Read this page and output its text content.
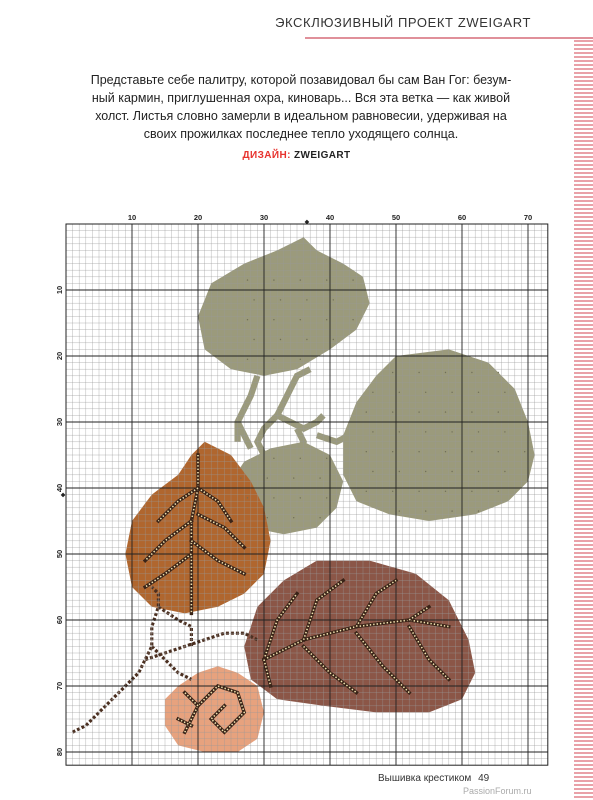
ЭКСКЛЮЗИВНЫЙ ПРОЕКТ ZWEIGART
Представьте себе палитру, которой позавидовал бы сам Ван Гог: безум-
ный кармин, приглушенная охра, киноварь... Вся эта ветка — как живой
холст. Листья словно замерли в идеальном равновесии, удерживая на
своих прожилках последнее тепло уходящего солнца.
ДИЗАЙН: ZWEIGART
10	20	30	40	50	60	70
10
20
30
40
50
60
70
80
◆
◆
Вышивка крестиком 49
PassionForum.ru
